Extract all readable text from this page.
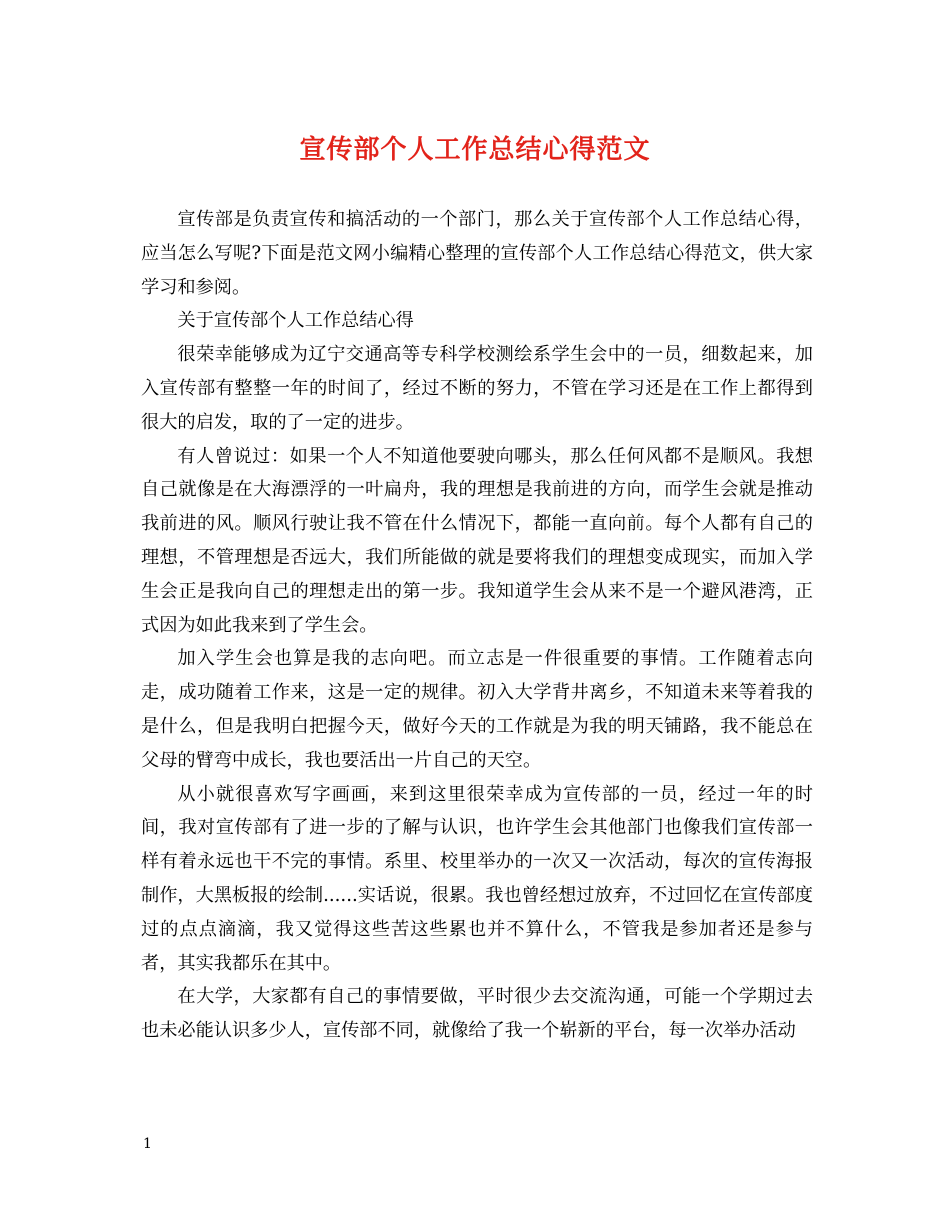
宣传部个人工作总结心得范文

宣传部是负责宣传和搞活动的一个部门，那么关于宣传部个人工作总结心得，应当怎么写呢?下面是范文网小编精心整理的宣传部个人工作总结心得范文，供大家学习和参阅。

关于宣传部个人工作总结心得

很荣幸能够成为辽宁交通高等专科学校测绘系学生会中的一员，细数起来，加入宣传部有整整一年的时间了，经过不断的努力，不管在学习还是在工作上都得到很大的启发，取的了一定的进步。

有人曾说过：如果一个人不知道他要驶向哪头，那么任何风都不是顺风。我想自己就像是在大海漂浮的一叶扁舟，我的理想是我前进的方向，而学生会就是推动我前进的风。顺风行驶让我不管在什么情况下，都能一直向前。每个人都有自己的理想，不管理想是否远大，我们所能做的就是要将我们的理想变成现实，而加入学生会正是我向自己的理想走出的第一步。我知道学生会从来不是一个避风港湾，正式因为如此我来到了学生会。

加入学生会也算是我的志向吧。而立志是一件很重要的事情。工作随着志向走，成功随着工作来，这是一定的规律。初入大学背井离乡，不知道未来等着我的是什么，但是我明白把握今天，做好今天的工作就是为我的明天铺路，我不能总在父母的臂弯中成长，我也要活出一片自己的天空。

从小就很喜欢写字画画，来到这里很荣幸成为宣传部的一员，经过一年的时间，我对宣传部有了进一步的了解与认识，也许学生会其他部门也像我们宣传部一样有着永远也干不完的事情。系里、校里举办的一次又一次活动，每次的宣传海报制作，大黑板报的绘制......实话说，很累。我也曾经想过放弃，不过回忆在宣传部度过的点点滴滴，我又觉得这些苦这些累也并不算什么，不管我是参加者还是参与者，其实我都乐在其中。

在大学，大家都有自己的事情要做，平时很少去交流沟通，可能一个学期过去也未必能认识多少人，宣传部不同，就像给了我一个崭新的平台，每一次举办活动

1
